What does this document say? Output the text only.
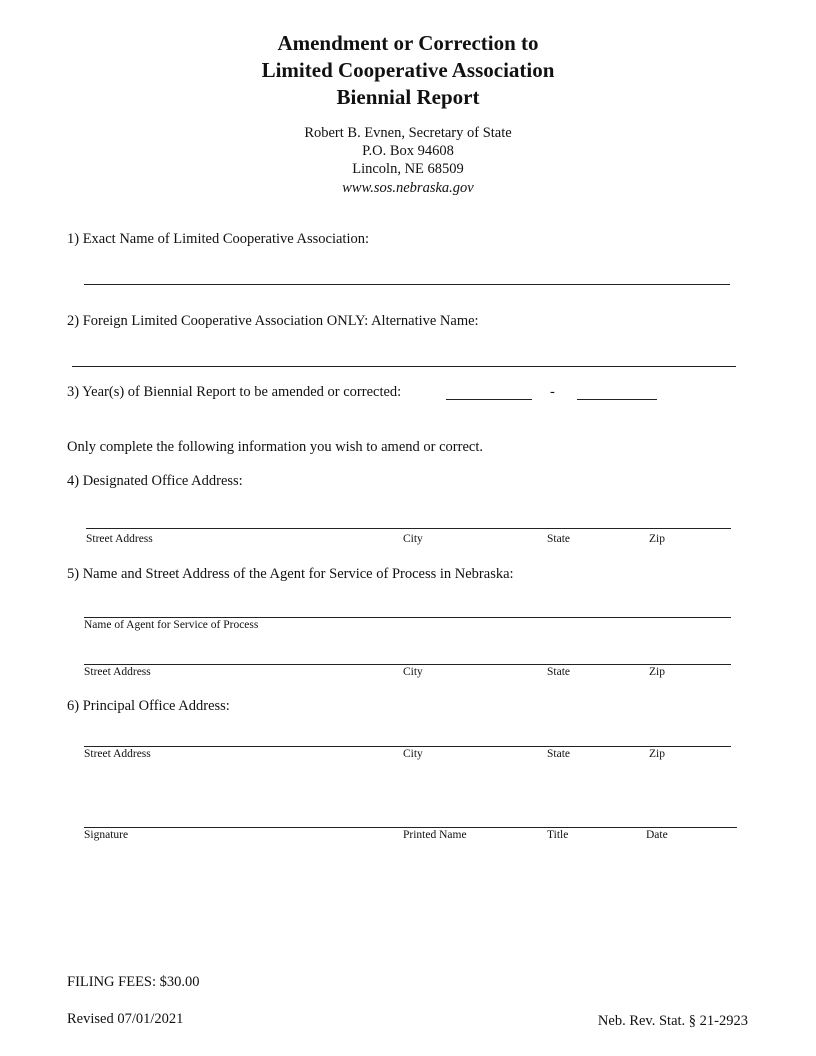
Amendment or Correction to
Limited Cooperative Association
Biennial Report
Robert B. Evnen, Secretary of State
P.O. Box 94608
Lincoln, NE 68509
www.sos.nebraska.gov
1) Exact Name of Limited Cooperative Association:
2) Foreign Limited Cooperative Association ONLY: Alternative Name:
3) Year(s) of Biennial Report to be amended or corrected:	-
Only complete the following information you wish to amend or correct.
4) Designated Office Address:
Street Address	City	State	Zip
5) Name and Street Address of the Agent for Service of Process in Nebraska:
Name of Agent for Service of Process
Street Address	City	State	Zip
6) Principal Office Address:
Street Address	City	State	Zip
Signature	Printed Name	Title	Date
FILING FEES: $30.00
Revised 07/01/2021	Neb. Rev. Stat. § 21-2923
